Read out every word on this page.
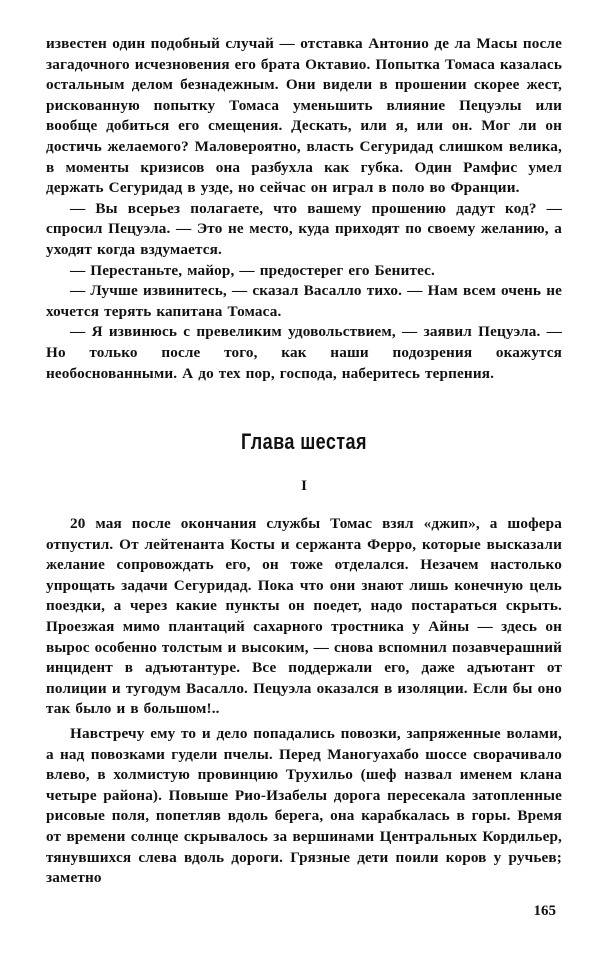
известен один подобный случай — отставка Антонио де ла Масы после загадочного исчезновения его брата Октавио. Попытка Томаса казалась остальным делом безнадежным. Они видели в прошении скорее жест, рискованную попытку Томаса уменьшить влияние Пецуэлы или вообще добиться его смещения. Дескать, или я, или он. Мог ли он достичь желаемого? Маловероятно, власть Сегуридад слишком велика, в моменты кризисов она разбухла как губка. Один Рамфис умел держать Сегуридад в узде, но сейчас он играл в поло во Франции.

— Вы всерьез полагаете, что вашему прошению дадут код? — спросил Пецуэла. — Это не место, куда приходят по своему желанию, а уходят когда вздумается.

— Перестаньте, майор, — предостерег его Бенитес.

— Лучше извинитесь, — сказал Васалло тихо. — Нам всем очень не хочется терять капитана Томаса.

— Я извинюсь с превеликим удовольствием, — заявил Пецуэла. — Но только после того, как наши подозрения окажутся необоснованными. А до тех пор, господа, наберитесь терпения.

Глава шестая
I

20 мая после окончания службы Томас взял «джип», а шофера отпустил. От лейтенанта Косты и сержанта Ферро, которые высказали желание сопровождать его, он тоже отделался. Незачем настолько упрощать задачи Сегуридад. Пока что они знают лишь конечную цель поездки, а через какие пункты он поедет, надо постараться скрыть. Проезжая мимо плантаций сахарного тростника у Айны — здесь он вырос особенно толстым и высоким, — снова вспомнил позавчерашний инцидент в адъютантуре. Все поддержали его, даже адъютант от полиции и тугодум Васалло. Пецуэла оказался в изоляции. Если бы оно так было и в большом!..

Навстречу ему то и дело попадались повозки, запряженные волами, а над повозками гудели пчелы. Перед Маногуахабо шоссе сворачивало влево, в холмистую провинцию Трухильо (шеф назвал именем клана четыре района). Повыше Рио-Изабелы дорога пересекала затопленные рисовые поля, попетляв вдоль берега, она карабкалась в горы. Время от времени солнце скрывалось за вершинами Центральных Кордильер, тянувшихся слева вдоль дороги. Грязные дети поили коров у ручьев; заметно

165
